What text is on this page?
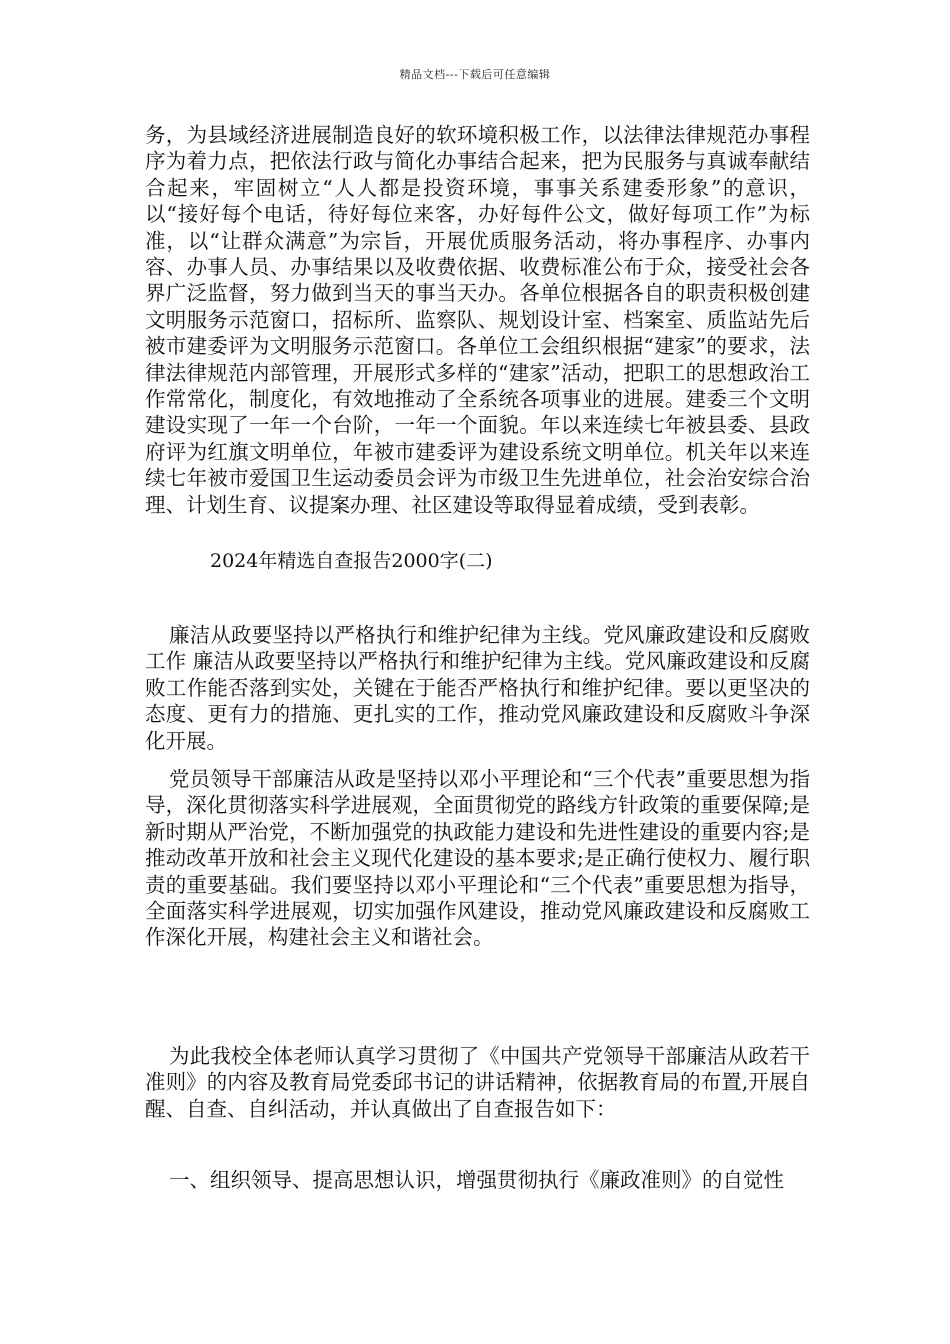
精品文档---下载后可任意编辑

务，为县域经济进展制造良好的软环境积极工作，以法律法律规范办事程序为着力点，把依法行政与简化办事结合起来，把为民服务与真诚奉献结合起来，牢固树立“人人都是投资环境，事事关系建委形象”的意识，以“接好每个电话，待好每位来客，办好每件公文，做好每项工作”为标准，以“让群众满意”为宗旨，开展优质服务活动，将办事程序、办事内容、办事人员、办事结果以及收费依据、收费标准公布于众，接受社会各界广泛监督，努力做到当天的事当天办。各单位根据各自的职责积极创建文明服务示范窗口，招标所、监察队、规划设计室、档案室、质监站先后被市建委评为文明服务示范窗口。各单位工会组织根据“建家”的要求，法律法律规范内部管理，开展形式多样的“建家”活动，把职工的思想政治工作常常化，制度化，有效地推动了全系统各项事业的进展。建委三个文明建设实现了一年一个台阶，一年一个面貌。年以来连续七年被县委、县政府评为红旗文明单位，年被市建委评为建设系统文明单位。机关年以来连续七年被市爱国卫生运动委员会评为市级卫生先进单位，社会治安综合治理、计划生育、议提案办理、社区建设等取得显着成绩，受到表彰。

2024年精选自查报告2000字(二)

廉洁从政要坚持以严格执行和维护纪律为主线。党风廉政建设和反腐败工作 廉洁从政要坚持以严格执行和维护纪律为主线。党风廉政建设和反腐败工作能否落到实处，关键在于能否严格执行和维护纪律。要以更坚决的态度、更有力的措施、更扎实的工作，推动党风廉政建设和反腐败斗争深化开展。

党员领导干部廉洁从政是坚持以邓小平理论和“三个代表”重要思想为指导，深化贯彻落实科学进展观，全面贯彻党的路线方针政策的重要保障;是新时期从严治党，不断加强党的执政能力建设和先进性建设的重要内容;是推动改革开放和社会主义现代化建设的基本要求;是正确行使权力、履行职责的重要基础。我们要坚持以邓小平理论和“三个代表”重要思想为指导，全面落实科学进展观，切实加强作风建设，推动党风廉政建设和反腐败工作深化开展，构建社会主义和谐社会。

为此我校全体老师认真学习贯彻了《中国共产党领导干部廉洁从政若干准则》的内容及教育局党委邱书记的讲话精神，依据教育局的布置,开展自醒、自查、自纠活动，并认真做出了自查报告如下：

一、组织领导、提高思想认识，增强贯彻执行《廉政准则》的自觉性
